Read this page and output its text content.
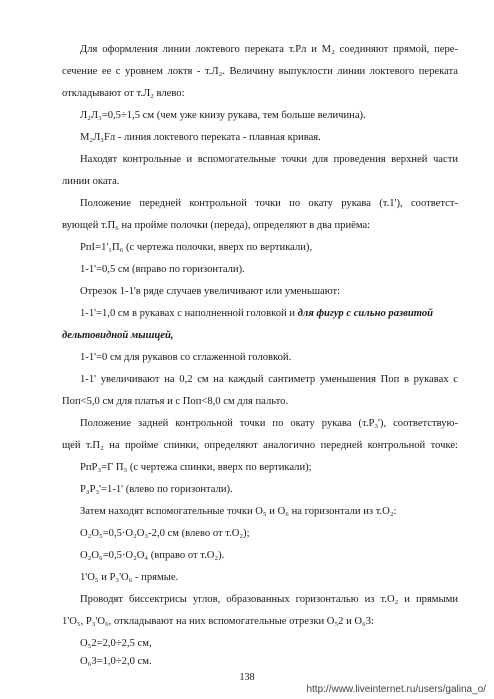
Для оформления линии локтевого переката т.Рл и М₂ соединяют прямой, пере-
сечение ее с уровнем локтя - т.Л₂. Величину выпуклости линии локтевого переката
откладывают от т.Л₂ влево:
Л₂Л₃=0,5÷1,5 см (чем уже книзу рукава, тем больше величина).
М₂Л₃Fл - линия локтевого переката - плавная кривая.
Находят контрольные и вспомогательные точки для проведения верхней части
линии оката.
Положение передней контрольной точки по окату рукава (т.1'), соответст-
вующей т.П₆ на пройме полочки (переда), определяют в два приёма:
РпI=1'₁П₆ (с чертежа полочки, вверх по вертикали),
1-1'=0,5 см (вправо по горизонтали).
Отрезок 1-1'в ряде случаев увеличивают или уменьшают:
1-1'=1,0 см в рукавах с наполненной головкой и для фигур с сильно развитой
дельтовидной мышцей,
1-1'=0 см для рукавов со сглаженной головкой.
1-1' увеличивают на 0,2 см на каждый сантиметр уменьшения Поп в рукавах с
Поп<5,0 см для платья и с Поп<8,0 см для пальто.
Положение задней контрольной точки по окату рукава (т.Р₃'), соответствую-
щей т.П₂ на пройме спинки, определяют аналогично передней контрольной точке:
РпР₃=Г П₃ (с чертежа спинки, вверх по вертикали);
Р₃Р₃'=1-1' (влево по горизонтали).
Затем находят вспомогательные точки О₅ и О₆ на горизонтали из т.О₂:
О₂О₅=0,5·О₂О₃-2,0 см (влево от т.О₂);
О₂О₆=0,5·О₂О₄ (вправо от т.О₂).
1'О₅ и Р₃'О₆ - прямые.
Проводят биссектрисы углов, образованных горизонталью из т.О₂ и прямыми
1'О₅, Р₃'О₆, откладывают на них вспомогательные отрезки О₅2 и О₆3:
О₅2=2,0÷2,5 см,
О₆3=1,0÷2,0 см.
138
http://www.liveinternet.ru/users/galina_o/
